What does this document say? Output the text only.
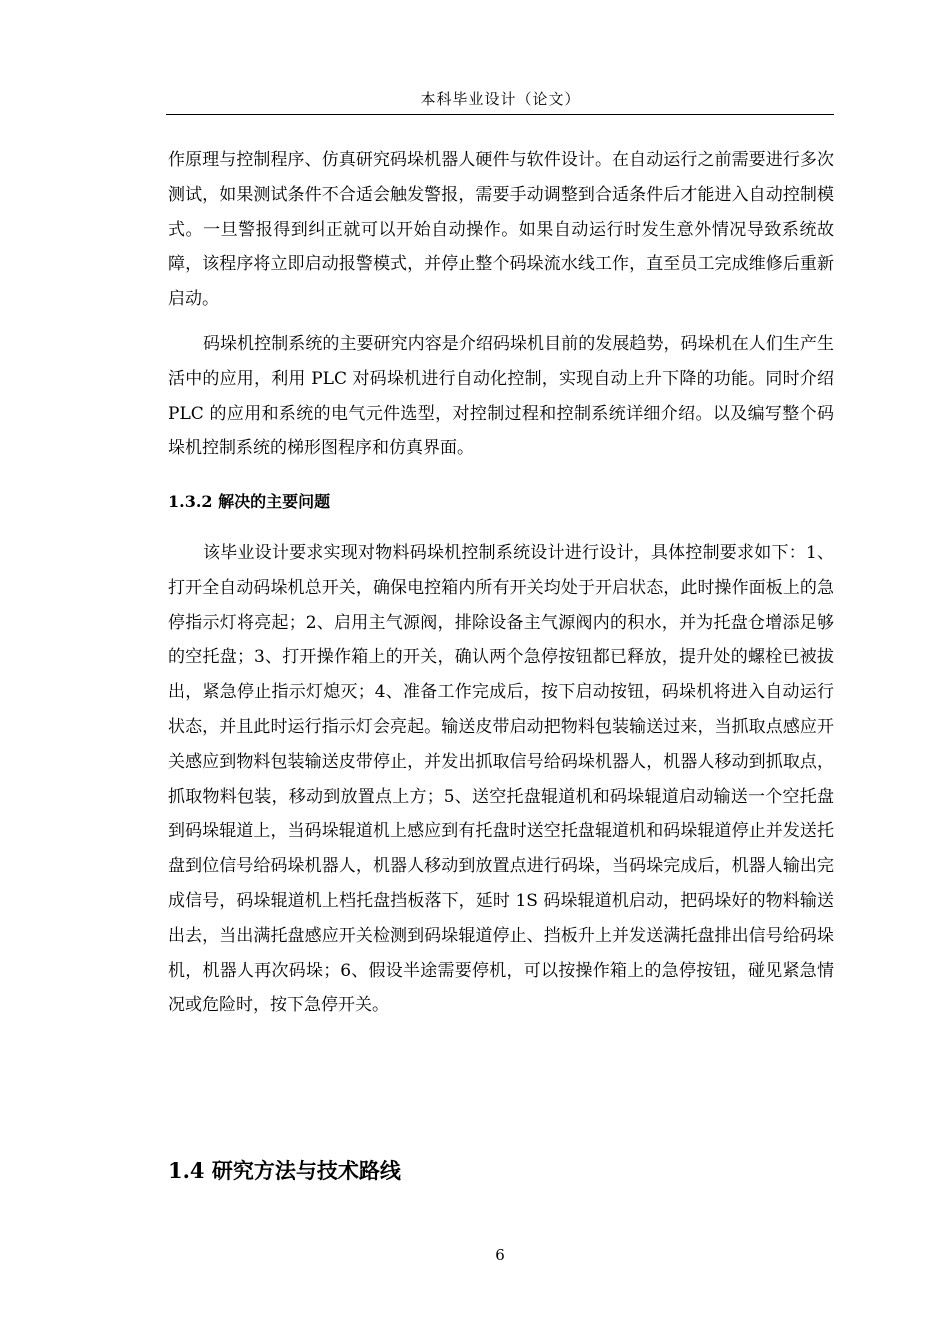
本科毕业设计（论文）

作原理与控制程序、仿真研究码垛机器人硬件与软件设计。在自动运行之前需要进行多次测试，如果测试条件不合适会触发警报，需要手动调整到合适条件后才能进入自动控制模式。一旦警报得到纠正就可以开始自动操作。如果自动运行时发生意外情况导致系统故障，该程序将立即启动报警模式，并停止整个码垛流水线工作，直至员工完成维修后重新启动。

码垛机控制系统的主要研究内容是介绍码垛机目前的发展趋势，码垛机在人们生产生活中的应用，利用 PLC 对码垛机进行自动化控制，实现自动上升下降的功能。同时介绍 PLC 的应用和系统的电气元件选型，对控制过程和控制系统详细介绍。以及编写整个码垛机控制系统的梯形图程序和仿真界面。

1.3.2 解决的主要问题

该毕业设计要求实现对物料码垛机控制系统设计进行设计，具体控制要求如下：1、打开全自动码垛机总开关，确保电控箱内所有开关均处于开启状态，此时操作面板上的急停指示灯将亮起；2、启用主气源阀，排除设备主气源阀内的积水，并为托盘仓增添足够的空托盘；3、打开操作箱上的开关，确认两个急停按钮都已释放，提升处的螺栓已被拔出，紧急停止指示灯熄灭；4、准备工作完成后，按下启动按钮，码垛机将进入自动运行状态，并且此时运行指示灯会亮起。输送皮带启动把物料包装输送过来，当抓取点感应开关感应到物料包装输送皮带停止，并发出抓取信号给码垛机器人，机器人移动到抓取点，抓取物料包装，移动到放置点上方；5、送空托盘辊道机和码垛辊道启动输送一个空托盘到码垛辊道上，当码垛辊道机上感应到有托盘时送空托盘辊道机和码垛辊道停止并发送托盘到位信号给码垛机器人，机器人移动到放置点进行码垛，当码垛完成后，机器人输出完成信号，码垛辊道机上档托盘挡板落下，延时 1S 码垛辊道机启动，把码垛好的物料输送出去，当出满托盘感应开关检测到码垛辊道停止、挡板升上并发送满托盘排出信号给码垛机，机器人再次码垛；6、假设半途需要停机，可以按操作箱上的急停按钮，碰见紧急情况或危险时，按下急停开关。

1.4 研究方法与技术路线
6
